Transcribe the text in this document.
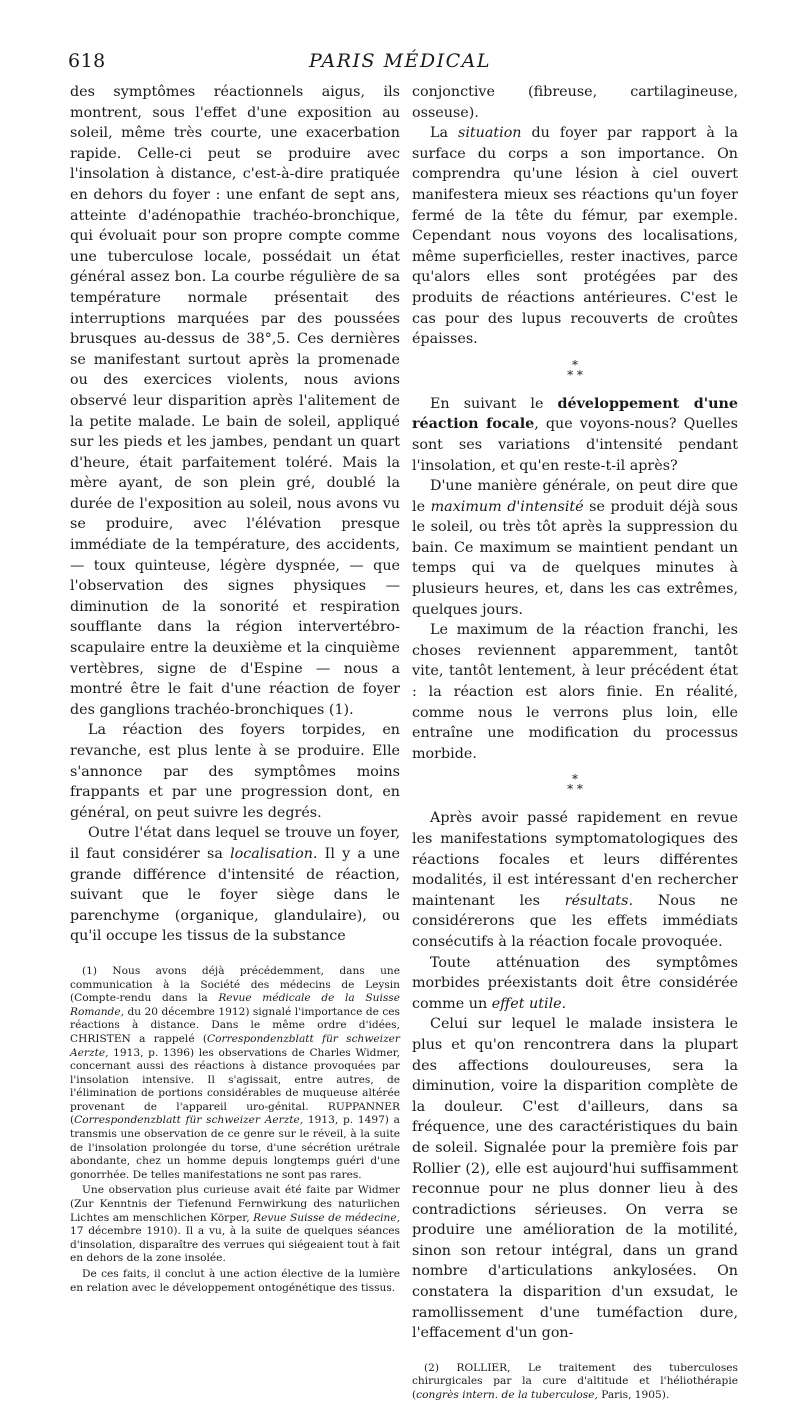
618	PARIS MÉDICAL

des symptômes réactionnels aigus, ils montrent, sous l'effet d'une exposition au soleil, même très courte, une exacerbation rapide. Celle-ci peut se produire avec l'insolation à distance, c'est-à-dire pratiquée en dehors du foyer : une enfant de sept ans, atteinte d'adénopathie trachéo-bronchique, qui évoluait pour son propre compte comme une tuberculose locale, possédait un état général assez bon. La courbe régulière de sa température normale présentait des interruptions marquées par des poussées brusques au-dessus de 38°,5. Ces dernières se manifestant surtout après la promenade ou des exercices violents, nous avions observé leur disparition après l'alitement de la petite malade. Le bain de soleil, appliqué sur les pieds et les jambes, pendant un quart d'heure, était parfaitement toléré. Mais la mère ayant, de son plein gré, doublé la durée de l'exposition au soleil, nous avons vu se produire, avec l'élévation presque immédiate de la température, des accidents, — toux quinteuse, légère dyspnée, — que l'observation des signes physiques — diminution de la sonorité et respiration soufflante dans la région intervertébro-scapulaire entre la deuxième et la cinquième vertèbres, signe de d'Espine — nous a montré être le fait d'une réaction de foyer des ganglions trachéo-bronchiques (1).

La réaction des foyers torpides, en revanche, est plus lente à se produire. Elle s'annonce par des symptômes moins frappants et par une progression dont, en général, on peut suivre les degrés.

Outre l'état dans lequel se trouve un foyer, il faut considérer sa localisation. Il y a une grande différence d'intensité de réaction, suivant que le foyer siège dans le parenchyme (organique, glandulaire), ou qu'il occupe les tissus de la substance

(1) Nous avons déjà précédemment, dans une communication à la Société des médecins de Leysin (Compte-rendu dans la Revue médicale de la Suisse Romande, du 20 décembre 1912) signalé l'importance de ces réactions à distance. Dans le même ordre d'idées, CHRISTEN a rappelé (Correspondenzblatt für schweizer Aerzte, 1913, p. 1396) les observations de Charles Widmer, concernant aussi des réactions à distance provoquées par l'insolation intensive. Il s'agissait, entre autres, de l'élimination de portions considérables de muqueuse altérée provenant de l'appareil uro-génital. RUPPANNER (Correspondenzblatt für schweizer Aerzte, 1913, p. 1497) a transmis une observation de ce genre sur le réveil, à la suite de l'insolation prolongée du torse, d'une sécrétion urétrale abondante, chez un homme depuis longtemps guéri d'une gonorrhée. De telles manifestations ne sont pas rares.

Une observation plus curieuse avait été faite par Widmer (Zur Kenntnis der Tiefenund Fernwirkung des naturlichen Lichtes am menschlichen Körper, Revue Suisse de médecine, 17 décembre 1910). Il a vu, à la suite de quelques séances d'insolation, disparaître des verrues qui siégeaient tout à fait en dehors de la zone insolée.

De ces faits, il conclut à une action élective de la lumière en relation avec le développement ontogénétique des tissus.

conjonctive (fibreuse, cartilagineuse, osseuse).

La situation du foyer par rapport à la surface du corps a son importance. On comprendra qu'une lésion à ciel ouvert manifestera mieux ses réactions qu'un foyer fermé de la tête du fémur, par exemple. Cependant nous voyons des localisations, même superficielles, rester inactives, parce qu'alors elles sont protégées par des produits de réactions antérieures. C'est le cas pour des lupus recouverts de croûtes épaisses.

*
* *

En suivant le développement d'une réaction focale, que voyons-nous? Quelles sont ses variations d'intensité pendant l'insolation, et qu'en reste-t-il après?

D'une manière générale, on peut dire que le maximum d'intensité se produit déjà sous le soleil, ou très tôt après la suppression du bain. Ce maximum se maintient pendant un temps qui va de quelques minutes à plusieurs heures, et, dans les cas extrêmes, quelques jours.

Le maximum de la réaction franchi, les choses reviennent apparemment, tantôt vite, tantôt lentement, à leur précédent état : la réaction est alors finie. En réalité, comme nous le verrons plus loin, elle entraîne une modification du processus morbide.

*
* *

Après avoir passé rapidement en revue les manifestations symptomatologiques des réactions focales et leurs différentes modalités, il est intéressant d'en rechercher maintenant les résultats. Nous ne considérerons que les effets immédiats consécutifs à la réaction focale provoquée.

Toute atténuation des symptômes morbides préexistants doit être considérée comme un effet utile.

Celui sur lequel le malade insistera le plus et qu'on rencontrera dans la plupart des affections douloureuses, sera la diminution, voire la disparition complète de la douleur. C'est d'ailleurs, dans sa fréquence, une des caractéristiques du bain de soleil. Signalée pour la première fois par Rollier (2), elle est aujourd'hui suffisamment reconnue pour ne plus donner lieu à des contradictions sérieuses. On verra se produire une amélioration de la motilité, sinon son retour intégral, dans un grand nombre d'articulations ankylosées. On constatera la disparition d'un exsudat, le ramollissement d'une tuméfaction dure, l'effacement d'un gon-

(2) ROLLIER, Le traitement des tuberculoses chirurgicales par la cure d'altitude et l'héliothérapie (congrès intern. de la tuberculose, Paris, 1905).
